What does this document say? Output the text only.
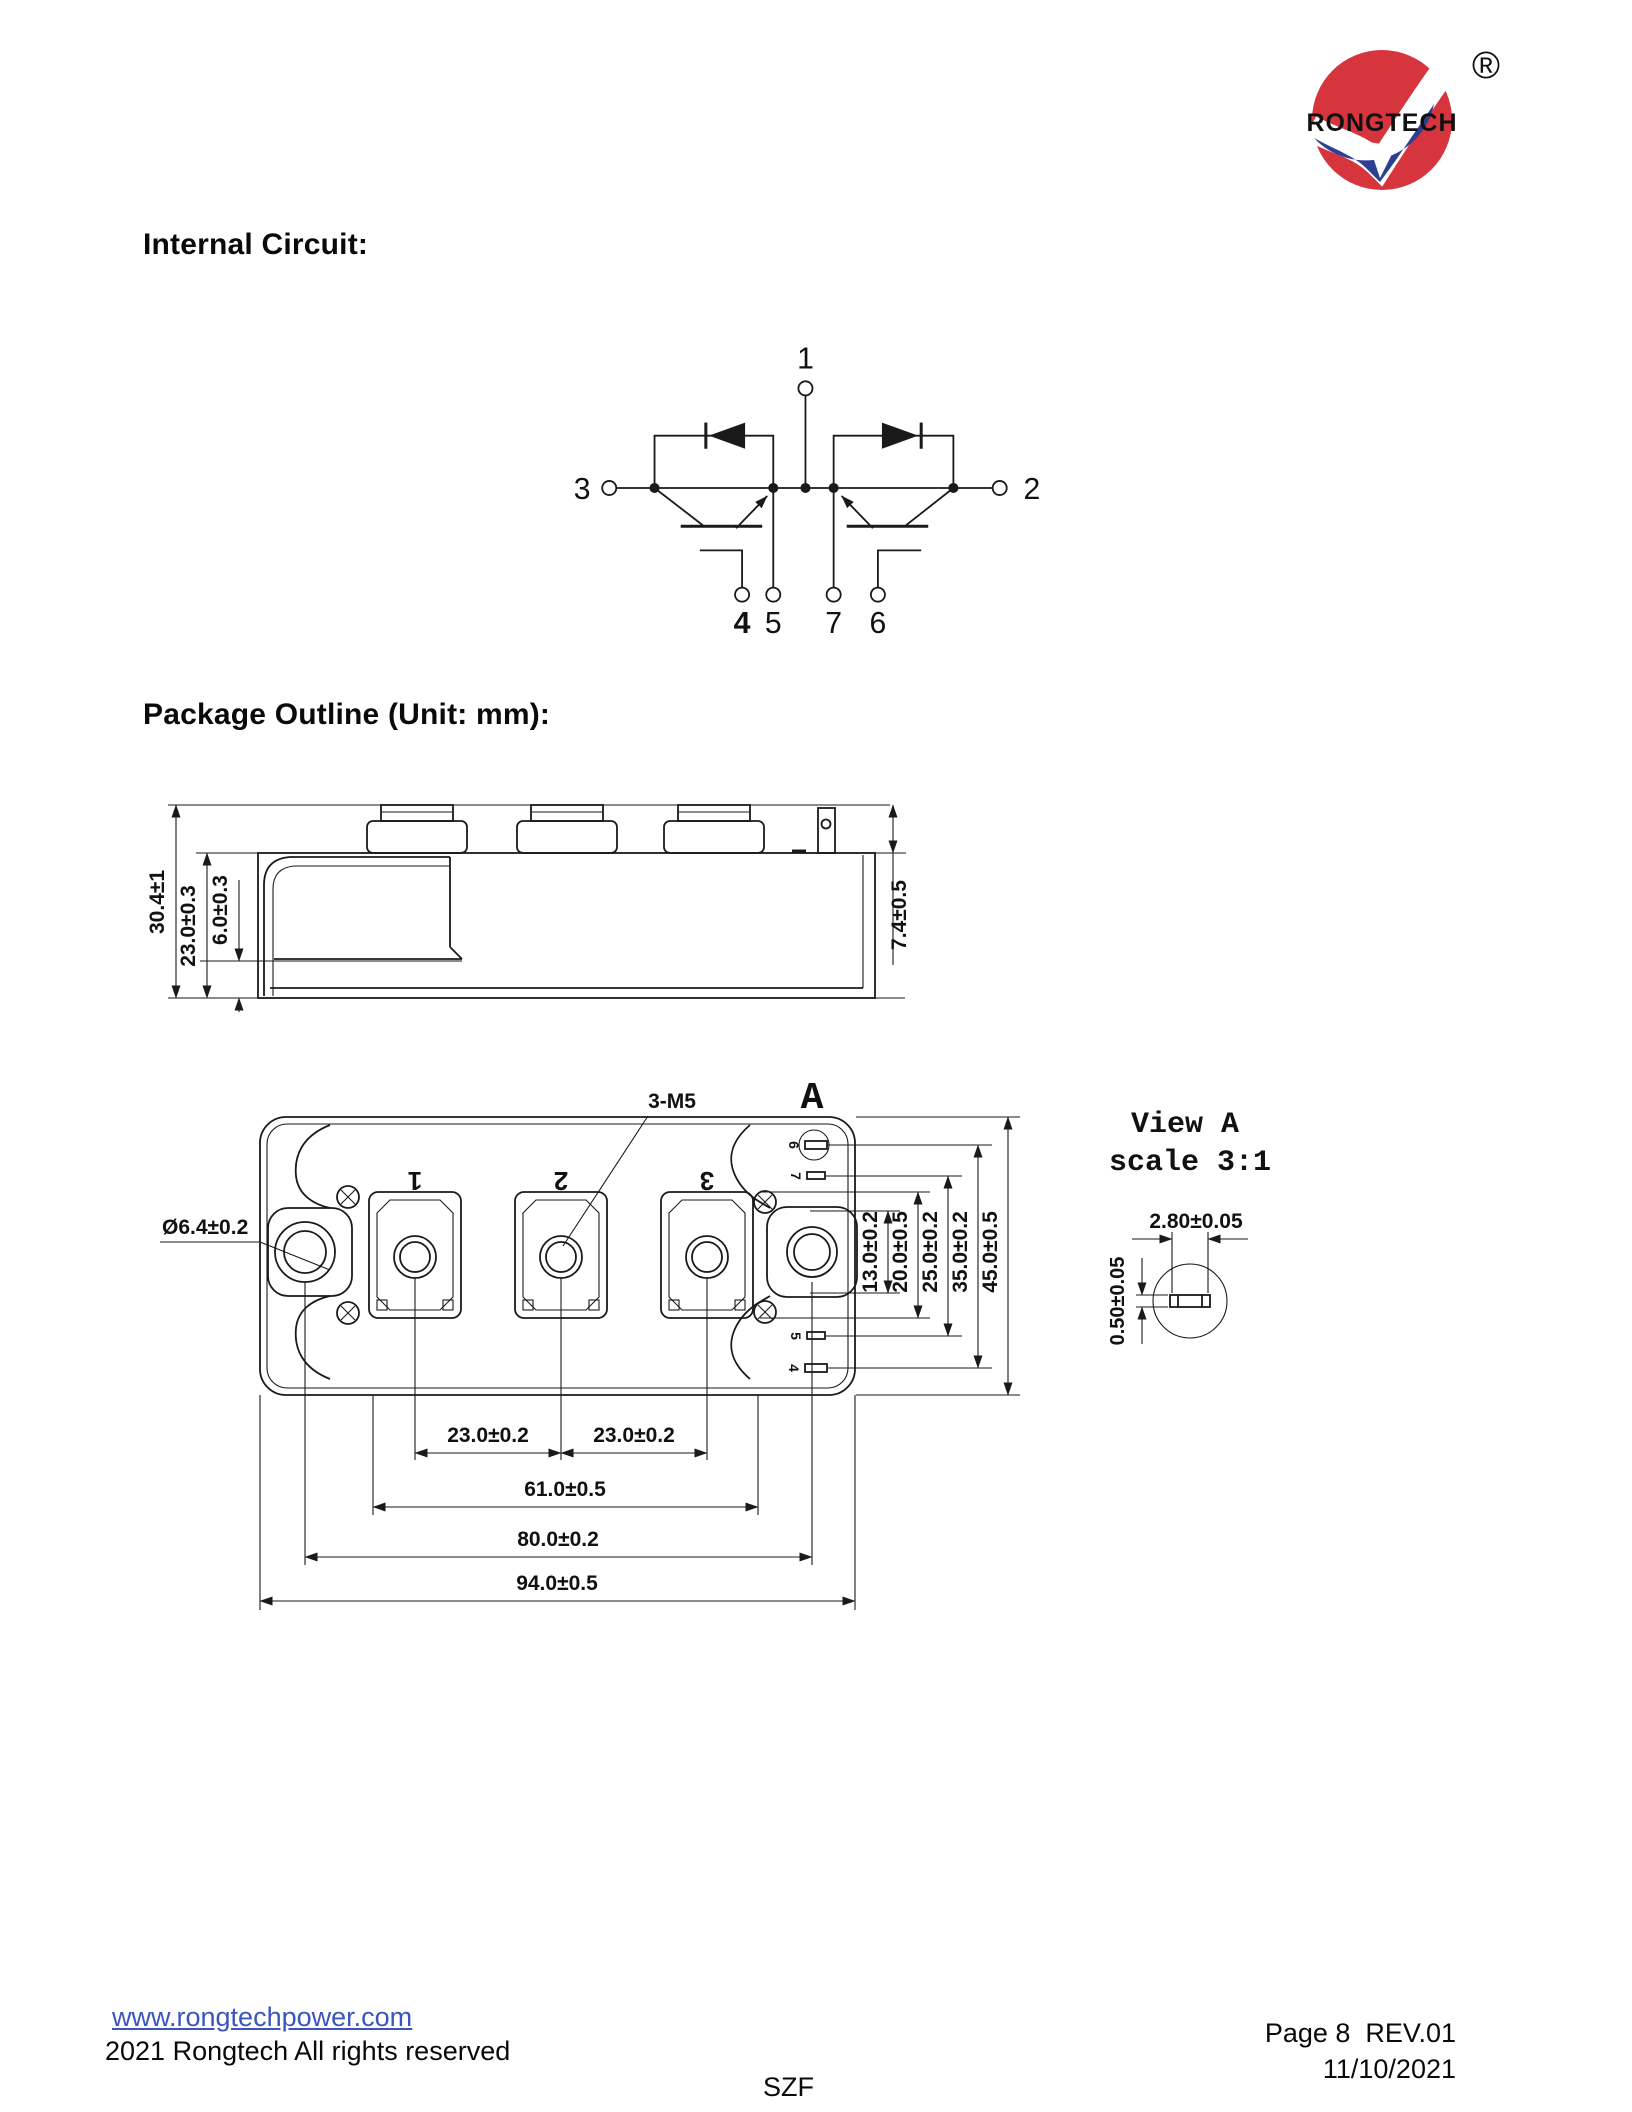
®
RONGTECH
Internal Circuit:
Package Outline (Unit: mm):
1
3	2
4 5 7 6
30.4±1 23.0±0.3 6.0±0.3	7.4±0.5
1	2	3
6
7
5
4
Ø6.4±0.2
3-M5	A
13.0±0.2 20.0±0.5 25.0±0.2 35.0±0.2 45.0±0.5
23.0±0.2	23.0±0.2
61.0±0.5
80.0±0.2
94.0±0.5
View A
scale 3:1
2.80±0.05
0.50±0.05
www.rongtechpower.com
2021 Rongtech All rights reserved
SZF
Page 8  REV.01
11/10/2021
